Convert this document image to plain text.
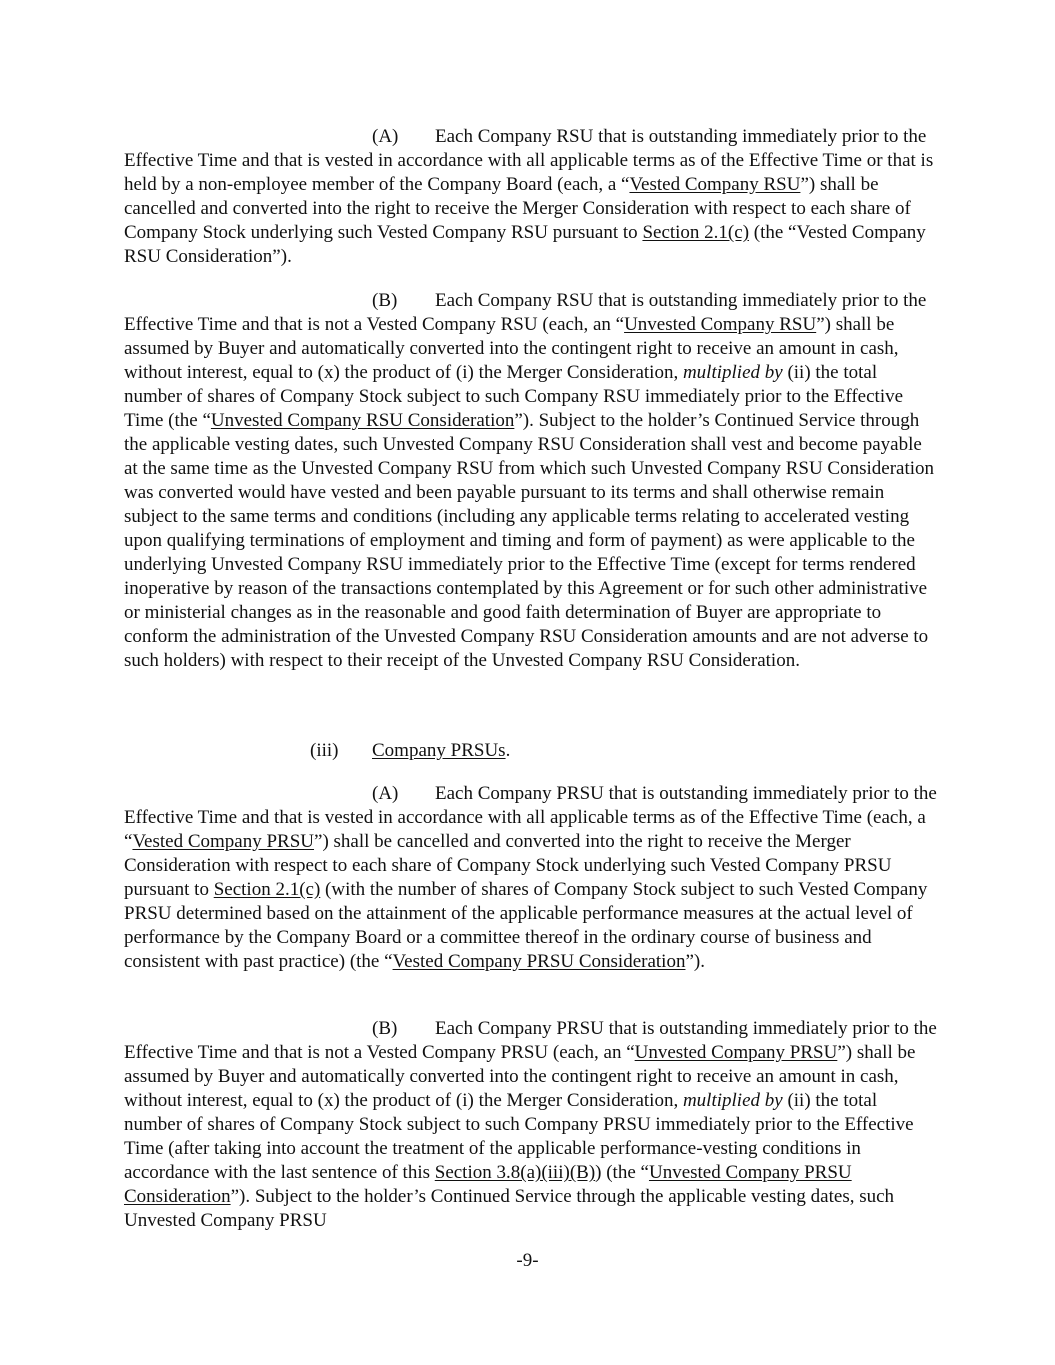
(A) Each Company RSU that is outstanding immediately prior to the Effective Time and that is vested in accordance with all applicable terms as of the Effective Time or that is held by a non-employee member of the Company Board (each, a “Vested Company RSU”) shall be cancelled and converted into the right to receive the Merger Consideration with respect to each share of Company Stock underlying such Vested Company RSU pursuant to Section 2.1(c) (the “Vested Company RSU Consideration”).
(B) Each Company RSU that is outstanding immediately prior to the Effective Time and that is not a Vested Company RSU (each, an “Unvested Company RSU”) shall be assumed by Buyer and automatically converted into the contingent right to receive an amount in cash, without interest, equal to (x) the product of (i) the Merger Consideration, multiplied by (ii) the total number of shares of Company Stock subject to such Company RSU immediately prior to the Effective Time (the “Unvested Company RSU Consideration”). Subject to the holder’s Continued Service through the applicable vesting dates, such Unvested Company RSU Consideration shall vest and become payable at the same time as the Unvested Company RSU from which such Unvested Company RSU Consideration was converted would have vested and been payable pursuant to its terms and shall otherwise remain subject to the same terms and conditions (including any applicable terms relating to accelerated vesting upon qualifying terminations of employment and timing and form of payment) as were applicable to the underlying Unvested Company RSU immediately prior to the Effective Time (except for terms rendered inoperative by reason of the transactions contemplated by this Agreement or for such other administrative or ministerial changes as in the reasonable and good faith determination of Buyer are appropriate to conform the administration of the Unvested Company RSU Consideration amounts and are not adverse to such holders) with respect to their receipt of the Unvested Company RSU Consideration.
(iii) Company PRSUs.
(A) Each Company PRSU that is outstanding immediately prior to the Effective Time and that is vested in accordance with all applicable terms as of the Effective Time (each, a “Vested Company PRSU”) shall be cancelled and converted into the right to receive the Merger Consideration with respect to each share of Company Stock underlying such Vested Company PRSU pursuant to Section 2.1(c) (with the number of shares of Company Stock subject to such Vested Company PRSU determined based on the attainment of the applicable performance measures at the actual level of performance by the Company Board or a committee thereof in the ordinary course of business and consistent with past practice) (the “Vested Company PRSU Consideration”).
(B) Each Company PRSU that is outstanding immediately prior to the Effective Time and that is not a Vested Company PRSU (each, an “Unvested Company PRSU”) shall be assumed by Buyer and automatically converted into the contingent right to receive an amount in cash, without interest, equal to (x) the product of (i) the Merger Consideration, multiplied by (ii) the total number of shares of Company Stock subject to such Company PRSU immediately prior to the Effective Time (after taking into account the treatment of the applicable performance-vesting conditions in accordance with the last sentence of this Section 3.8(a)(iii)(B)) (the “Unvested Company PRSU Consideration”). Subject to the holder’s Continued Service through the applicable vesting dates, such Unvested Company PRSU
-9-
